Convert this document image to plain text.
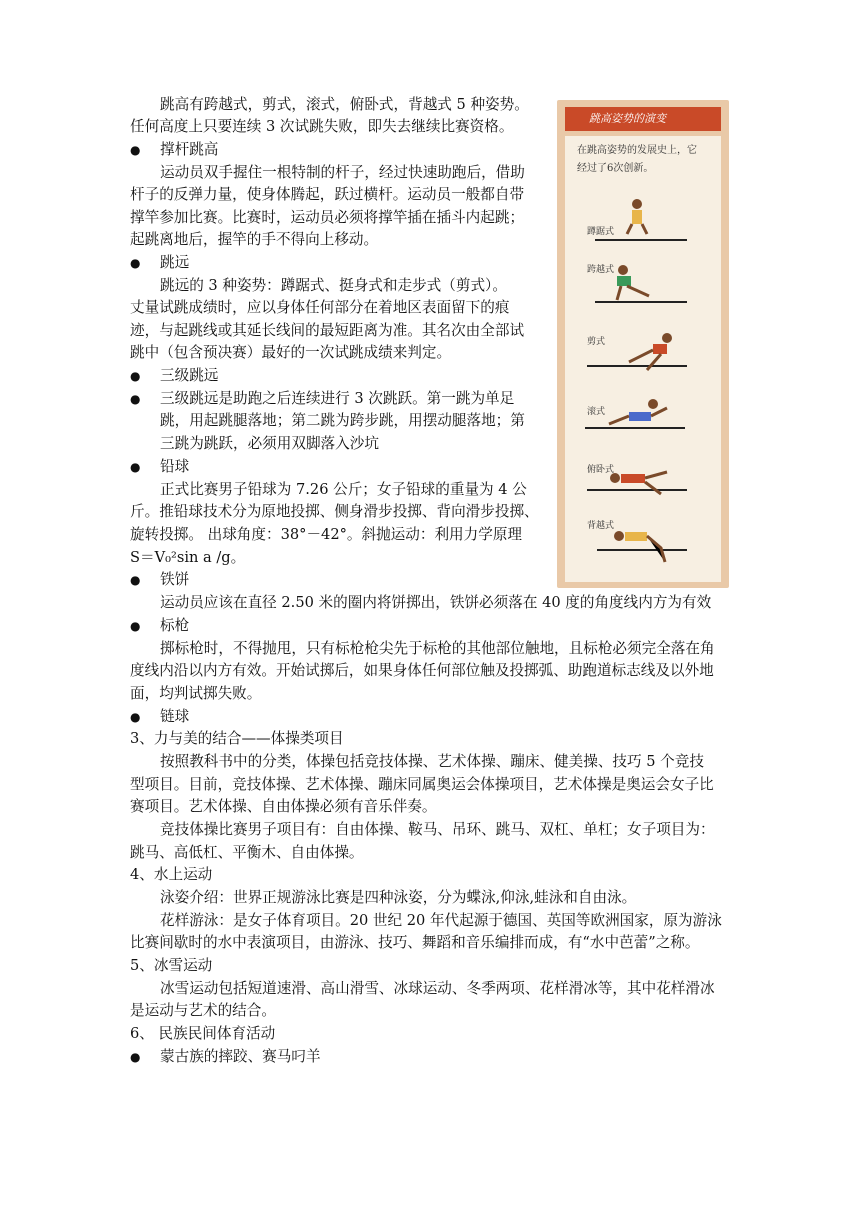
跳高有跨越式，剪式，滚式，俯卧式，背越式 5 种姿势。
任何高度上只要连续 3 次试跳失败，即失去继续比赛资格。
撑杆跳高
●
运动员双手握住一根特制的杆子，经过快速助跑后，借助
杆子的反弹力量，使身体腾起，跃过横杆。运动员一般都自带
撑竿参加比赛。比赛时，运动员必须将撑竿插在插斗内起跳；
起跳离地后，握竿的手不得向上移动。
跳远
●
跳远的 3 种姿势：蹲踞式、挺身式和走步式（剪式）。
丈量试跳成绩时，应以身体任何部分在着地区表面留下的痕
迹，与起跳线或其延长线间的最短距离为准。其名次由全部试
跳中（包含预决赛）最好的一次试跳成绩来判定。
三级跳远
●
三级跳远是助跑之后连续进行 3 次跳跃。第一跳为单足
●
跳，用起跳腿落地；第二跳为跨步跳，用摆动腿落地；第
三跳为跳跃，必须用双脚落入沙坑
铅球
●
正式比赛男子铅球为 7.26 公斤；女子铅球的重量为 4 公
斤。推铅球技术分为原地投掷、侧身滑步投掷、背向滑步投掷、
旋转投掷。 出球角度：38°－42°。斜抛运动：利用力学原理
S＝V₀²sin a /g。
铁饼
●
运动员应该在直径 2.50 米的圈内将饼掷出，铁饼必须落在 40 度的角度线内方为有效
标枪
●
掷标枪时，不得抛甩，只有标枪枪尖先于标枪的其他部位触地，且标枪必须完全落在角
度线内沿以内方有效。开始试掷后，如果身体任何部位触及投掷弧、助跑道标志线及以外地
面，均判试掷失败。
链球
●
3、力与美的结合——体操类项目
按照教科书中的分类，体操包括竞技体操、艺术体操、蹦床、健美操、技巧 5 个竞技
型项目。目前，竞技体操、艺术体操、蹦床同属奥运会体操项目，艺术体操是奥运会女子比
赛项目。艺术体操、自由体操必须有音乐伴奏。
竞技体操比赛男子项目有：自由体操、鞍马、吊环、跳马、双杠、单杠；女子项目为：
跳马、高低杠、平衡木、自由体操。
4、水上运动
泳姿介绍：世界正规游泳比赛是四种泳姿，分为蝶泳,仰泳,蛙泳和自由泳。
花样游泳：是女子体育项目。20 世纪 20 年代起源于德国、英国等欧洲国家，原为游泳
比赛间歇时的水中表演项目，由游泳、技巧、舞蹈和音乐编排而成，有“水中芭蕾”之称。
5、冰雪运动
冰雪运动包括短道速滑、高山滑雪、冰球运动、冬季两项、花样滑冰等，其中花样滑冰
是运动与艺术的结合。
6、 民族民间体育活动
蒙古族的摔跤、赛马叼羊
●
跳高姿势的演变
在跳高姿势的发展史上，它经过了6次创新。
蹲踞式
跨越式
剪式
滚式
俯卧式
背越式
